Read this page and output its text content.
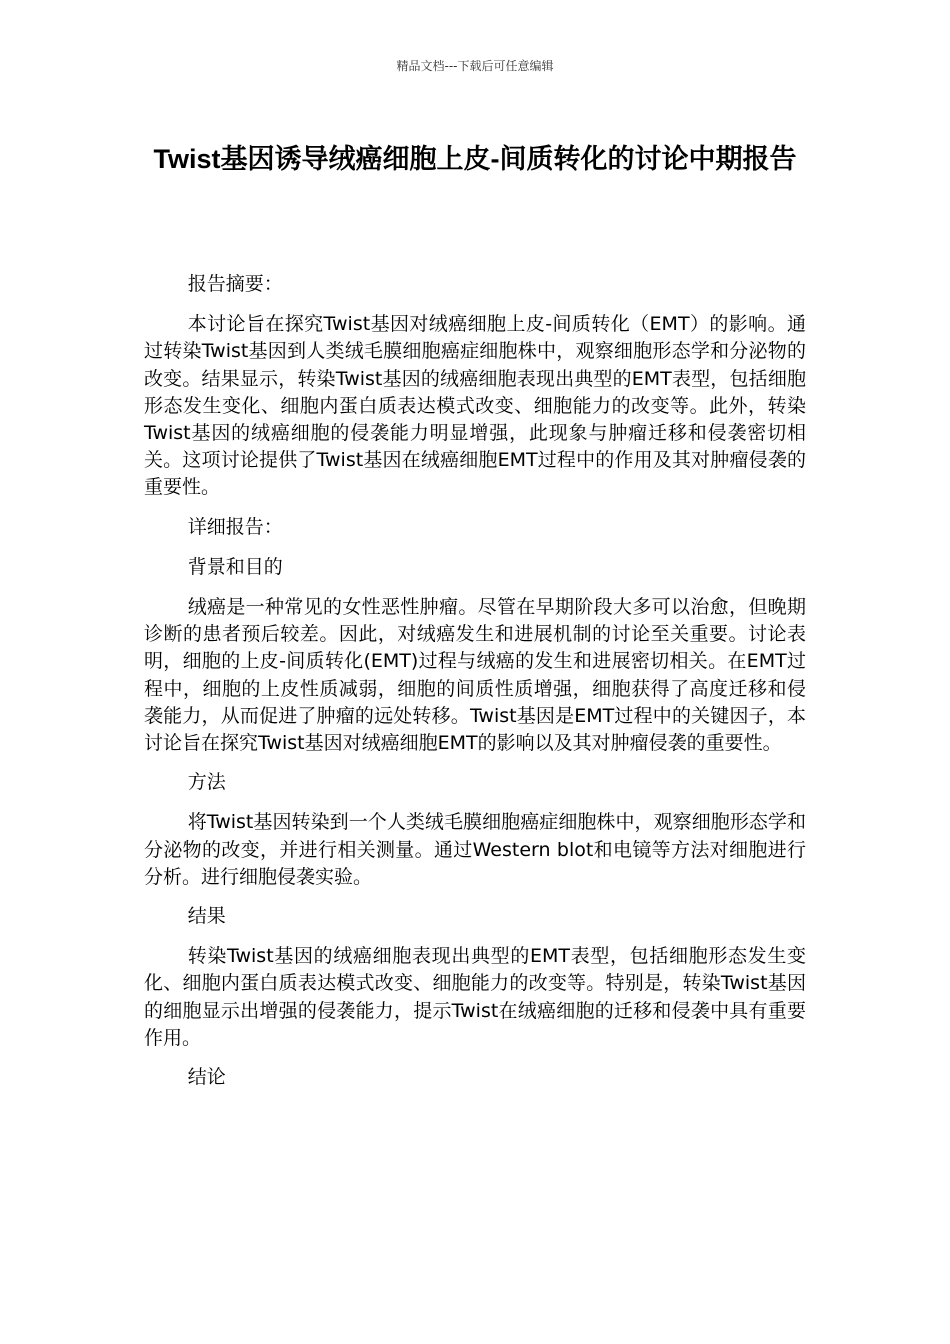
精品文档---下载后可任意编辑
Twist基因诱导绒癌细胞上皮-间质转化的讨论中期报告

报告摘要：

本讨论旨在探究Twist基因对绒癌细胞上皮-间质转化（EMT）的影响。通过转染Twist基因到人类绒毛膜细胞癌症细胞株中，观察细胞形态学和分泌物的改变。结果显示，转染Twist基因的绒癌细胞表现出典型的EMT表型，包括细胞形态发生变化、细胞内蛋白质表达模式改变、细胞能力的改变等。此外，转染Twist基因的绒癌细胞的侵袭能力明显增强，此现象与肿瘤迁移和侵袭密切相关。这项讨论提供了Twist基因在绒癌细胞EMT过程中的作用及其对肿瘤侵袭的重要性。

详细报告：

背景和目的

绒癌是一种常见的女性恶性肿瘤。尽管在早期阶段大多可以治愈，但晚期诊断的患者预后较差。因此，对绒癌发生和进展机制的讨论至关重要。讨论表明，细胞的上皮-间质转化(EMT)过程与绒癌的发生和进展密切相关。在EMT过程中，细胞的上皮性质减弱，细胞的间质性质增强，细胞获得了高度迁移和侵袭能力，从而促进了肿瘤的远处转移。Twist基因是EMT过程中的关键因子，本讨论旨在探究Twist基因对绒癌细胞EMT的影响以及其对肿瘤侵袭的重要性。

方法

将Twist基因转染到一个人类绒毛膜细胞癌症细胞株中，观察细胞形态学和分泌物的改变，并进行相关测量。通过Western blot和电镜等方法对细胞进行分析。进行细胞侵袭实验。

结果

转染Twist基因的绒癌细胞表现出典型的EMT表型，包括细胞形态发生变化、细胞内蛋白质表达模式改变、细胞能力的改变等。特别是，转染Twist基因的细胞显示出增强的侵袭能力，提示Twist在绒癌细胞的迁移和侵袭中具有重要作用。

结论
